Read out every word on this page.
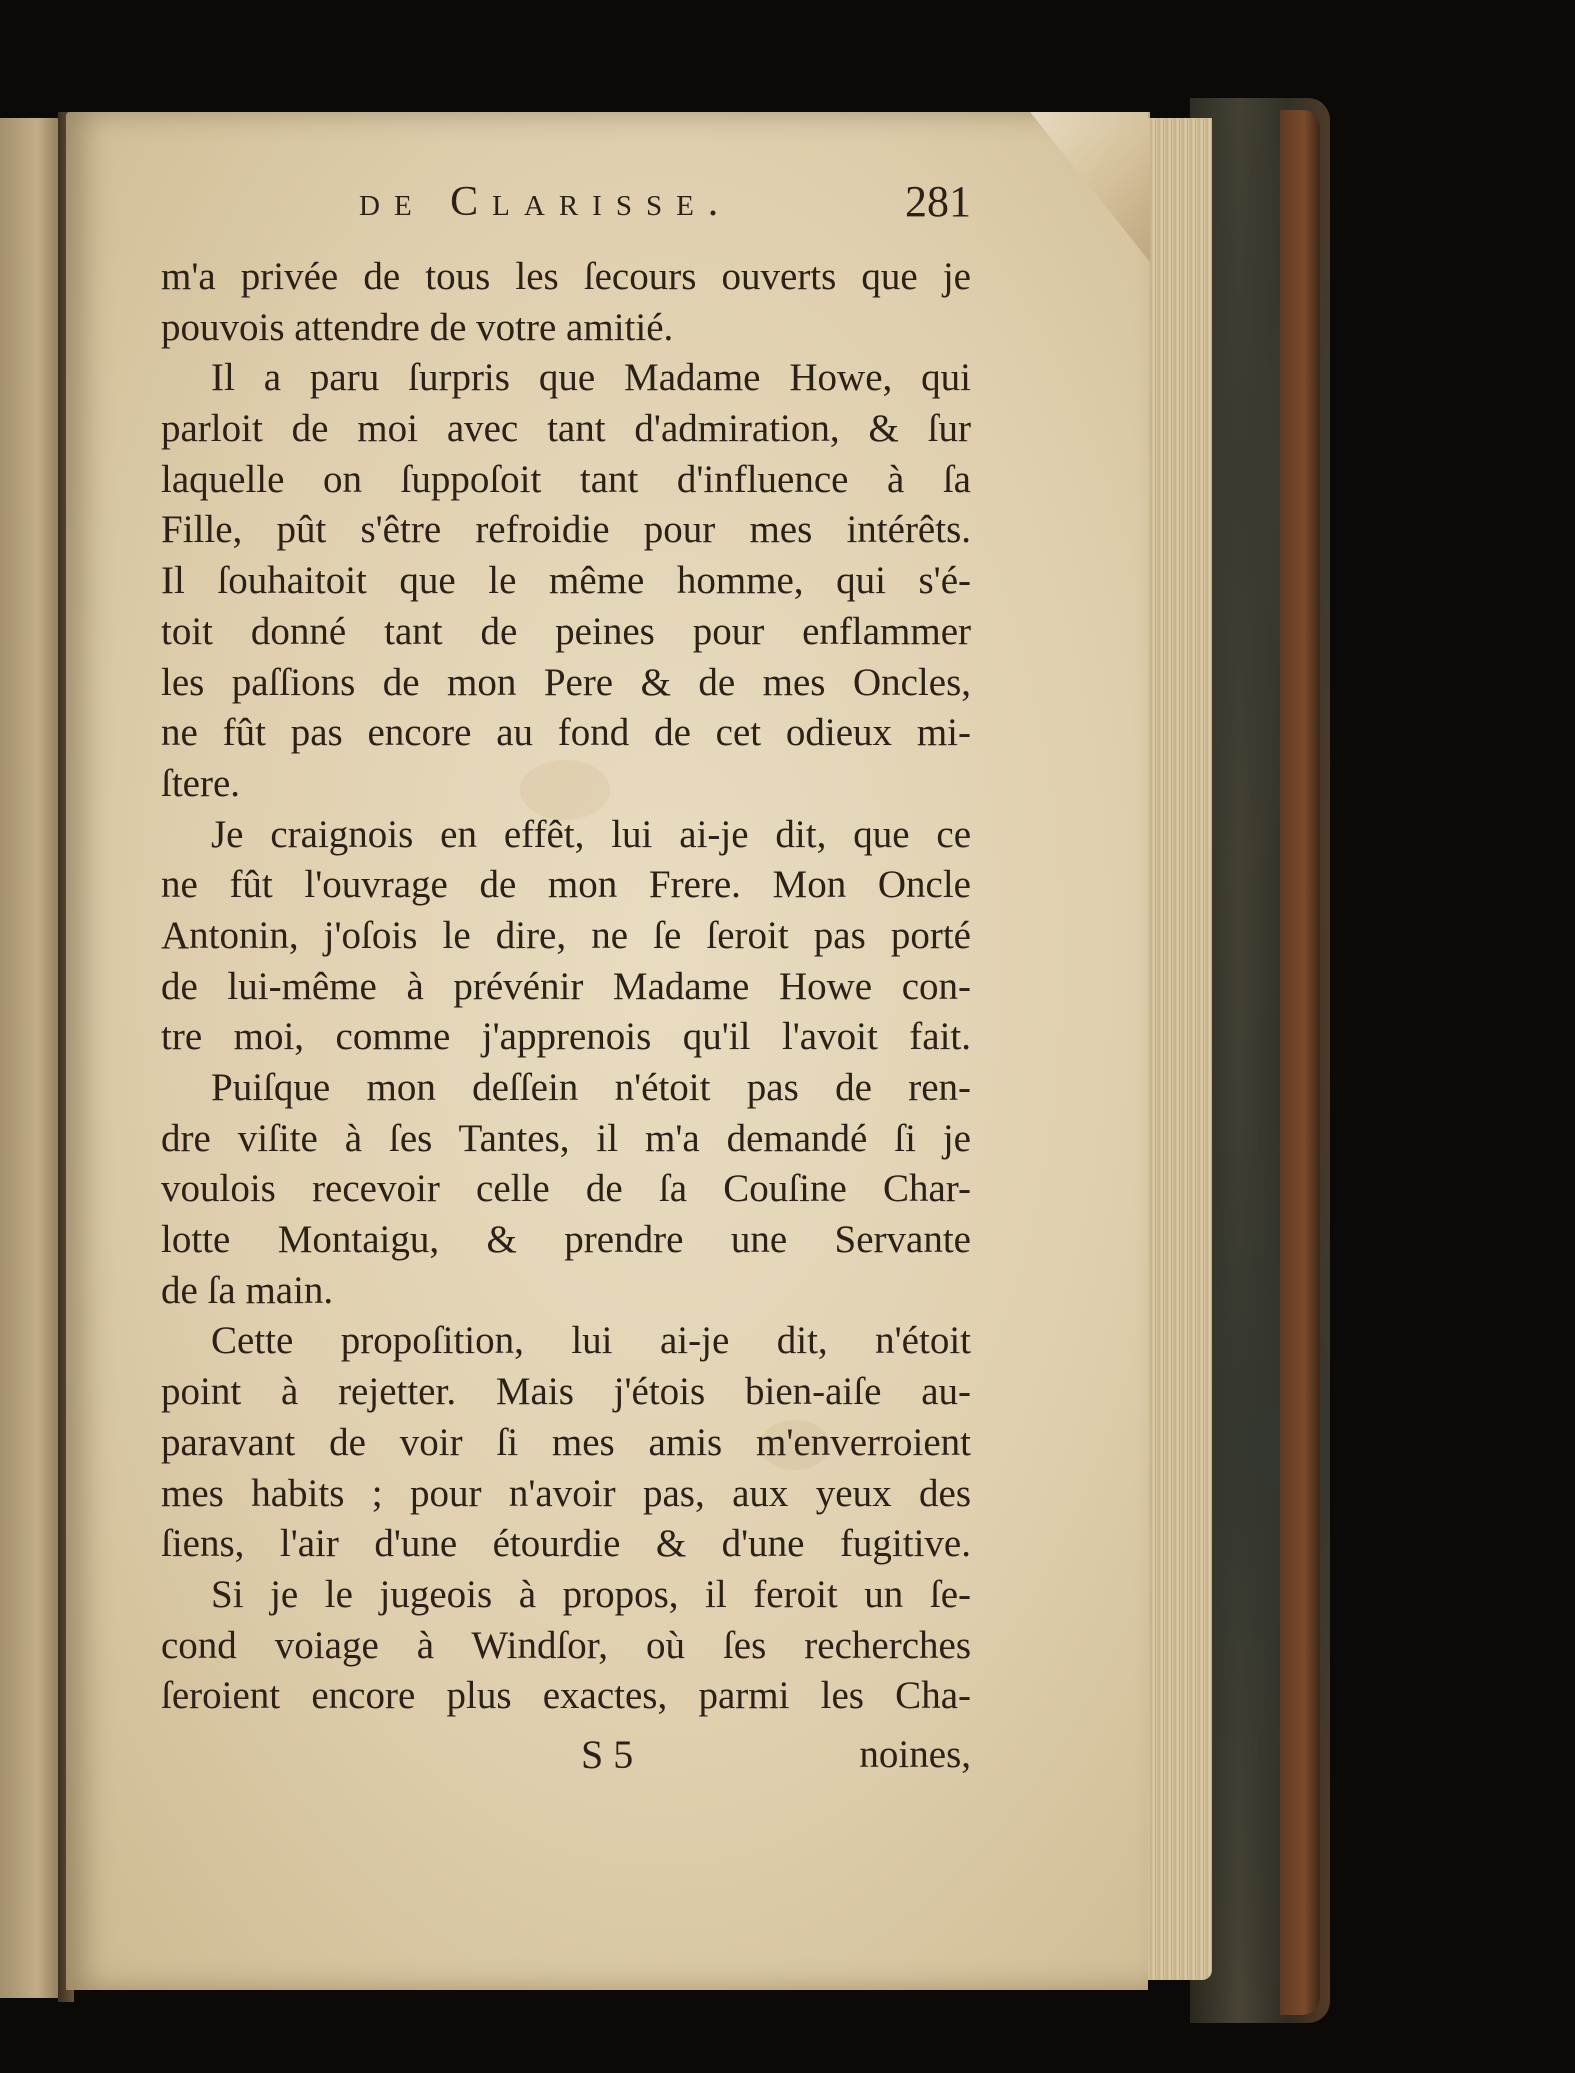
de Clarisse.	281
m'a privée de tous les ſecours ouverts que je
pouvois attendre de votre amitié.
Il a paru ſurpris que Madame Howe, qui
parloit de moi avec tant d'admiration, & ſur
laquelle on ſuppoſoit tant d'influence à ſa
Fille, pût s'être refroidie pour mes intérêts.
Il ſouhaitoit que le même homme, qui s'é-
toit donné tant de peines pour enflammer
les paſſions de mon Pere & de mes Oncles,
ne fût pas encore au fond de cet odieux mi-
ſtere.
Je craignois en effêt, lui ai-je dit, que ce
ne fût l'ouvrage de mon Frere. Mon Oncle
Antonin, j'oſois le dire, ne ſe ſeroit pas porté
de lui-même à prévénir Madame Howe con-
tre moi, comme j'apprenois qu'il l'avoit fait.
Puiſque mon deſſein n'étoit pas de ren-
dre viſite à ſes Tantes, il m'a demandé ſi je
voulois recevoir celle de ſa Couſine Char-
lotte Montaigu, & prendre une Servante
de ſa main.
Cette propoſition, lui ai-je dit, n'étoit
point à rejetter. Mais j'étois bien-aiſe au-
paravant de voir ſi mes amis m'enverroient
mes habits ; pour n'avoir pas, aux yeux des
ſiens, l'air d'une étourdie & d'une fugitive.
Si je le jugeois à propos, il feroit un ſe-
cond voiage à Windſor, où ſes recherches
ſeroient encore plus exactes, parmi les Cha-
S 5	noines,
